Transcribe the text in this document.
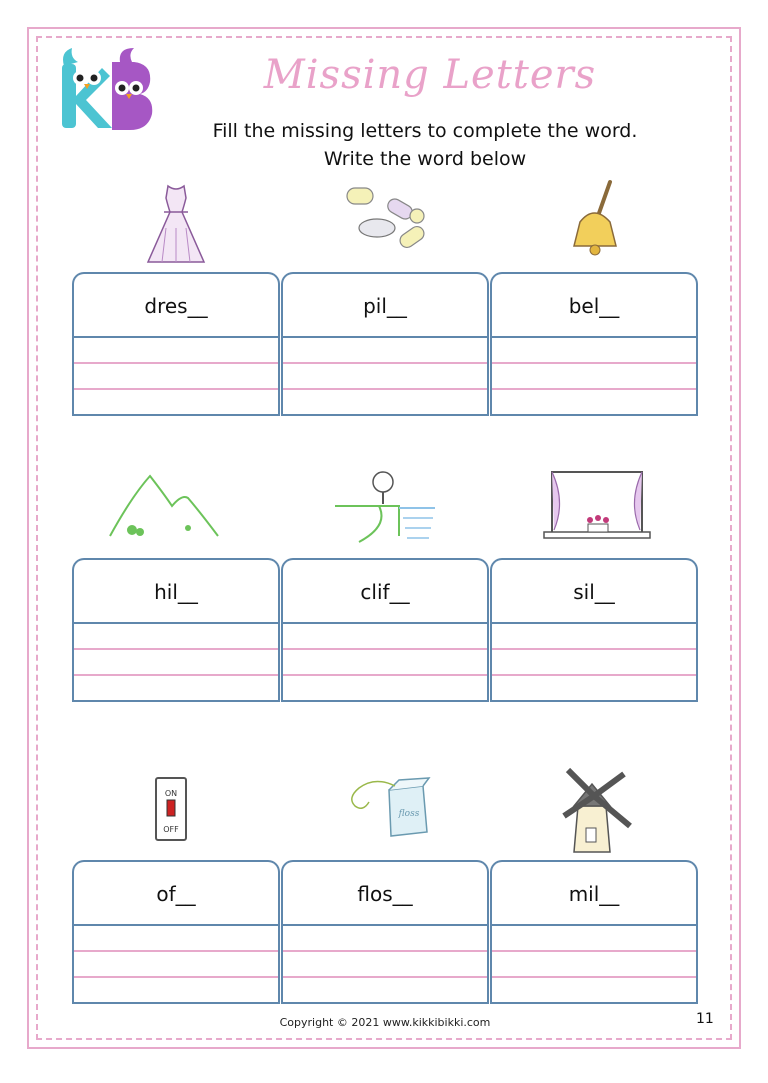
Missing Letters
Fill the missing letters to complete the word.
Write the word below
dres__	pil__	bel__
hil__	clif__	sil__
ON
OFF
floss
of__	flos__	mil__
Copyright © 2021 www.kikkibikki.com	11
